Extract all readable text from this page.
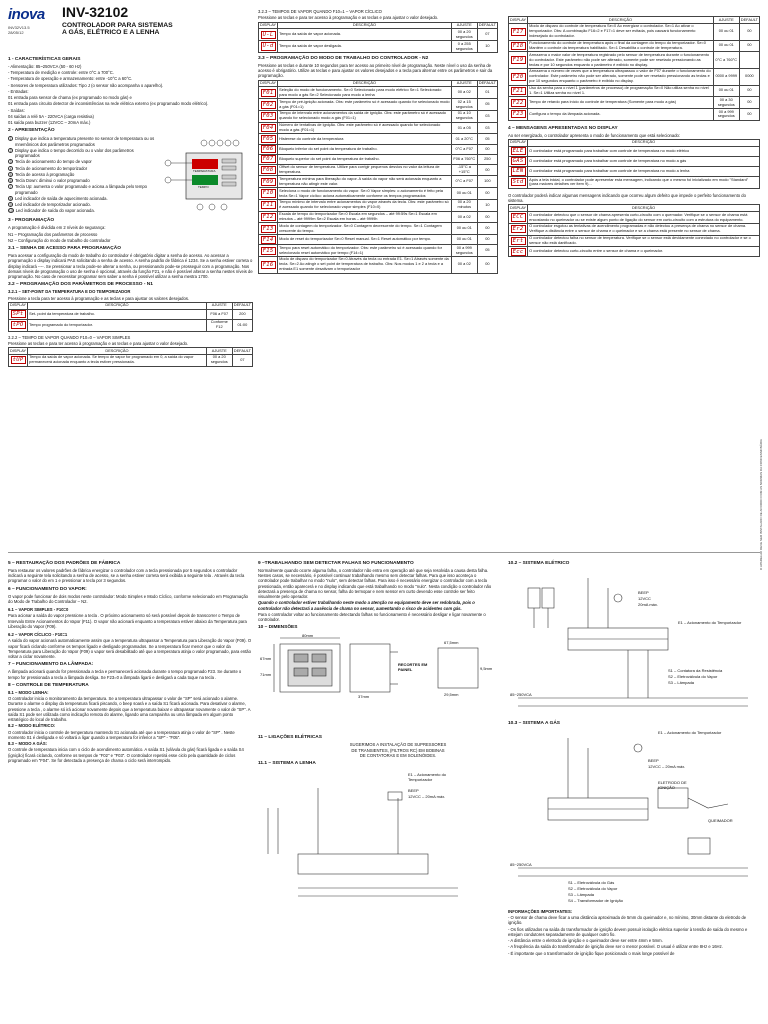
inova
INV32V13.5
28/05/12
INV-32102
CONTROLADOR PARA SISTEMAS
A GÁS, ELÉTRICO E A LENHA
1 - CARACTERÍSTICAS GERAIS
- Alimentação: 85~250VCA (50 - 60 Hz)
- Temperatura de medição e controle: entre 0°C a 700°C.
- Temperatura de operação e armazenamento: entre -10°C a 60°C.
- Sensores de temperatura utilizados: Tipo J (o sensor não acompanha o aparelho).
- Entradas:
01 entrada para sensor de chama (ex programado no modo gás) e
01 entrada para circuito detector de inconsistências na rede elétrica externo (ex programado modo elétrico).
- Saídas:
04 saídas a relé 5A - 220VCA (carga resistiva)
01 saída para buzzer (12VCC – 20mA máx.)
2 - APRESENTAÇÃO
1 Display que indica a temperatura presente no sensor de temperatura ou os mnemônicos dos parâmetros programados
2 Display que indica o tempo decorrido ou o valor dos parâmetros programados
3 Tecla de acionamento do tempo de vapor
4 Tecla de acionamento do temporizador
5 Tecla de acesso à programação
6 Tecla Down: diminui o valor programado
7 Tecla Up: aumenta o valor programado e aciona a lâmpada pelo tempo programado
8 Led indicador de saída de aquecimento acionada.
9 Led indicador de temporizador acionado.
10 Led indicador de saída do vapor acionada.
TEMPERATURA
TEMPO
3 - PROGRAMAÇÃO
A programação é dividida em 2 níveis de segurança:
N1 – Programação dos parâmetros de processo
N2 – Configuração do modo de trabalho do controlador
3.1 – SENHA DE ACESSO PARA PROGRAMAÇÃO
Para acessar a configuração do modo de trabalho do controlador é obrigatório digitar a senha de acesso. Ao acessar a programação o display indicará PAS solicitando a senha de acesso. A senha padrão de fábrica é 1234. Se a senha estiver correta o display indicará ----. Se pressionar a tecla pode-se alterar a senha, ou pressionando pode-se prosseguir com a programação. Nos demais níveis de programação o uso de senha é opcional, através da função F21, e não é possível alterar a senha nestes níveis de programação. No caso de necessitar programar sem saber a senha é possível utilizar a senha mestra 1700.
3.2 – PROGRAMAÇÃO DOS PARÂMETROS DE PROCESSO - N1
3.2.1 – SET-POINT DA TEMPERATURA E DO TEMPORIZADOR
Pressione a tecla para ter acesso à programação e as teclas e para ajustar os valores desejados.
DISPLAY	DESCRIÇÃO	AJUSTE	DEFAULT
SPt	Set- point da temperatura de trabalho.	F06 a F07	200
tPO	Tempo programado do temporizador.	Conforme F12	01:00
3.2.2 – TEMPO DE VAPOR QUANDO F10=0 – VAPOR SIMPLES
Pressione as teclas e para ter acesso à programação e as teclas e para ajustar o valor desejado.
DISPLAY	DESCRIÇÃO	AJUSTE	DEFAULT
tUP	Tempo da saída de vapor acionada. Se tempo de vapor for programado em 0, a saída do vapor permanecerá acionada enquanto a tecla estiver pressionada.	00 a 20 segundos	07
3.2.3 – TEMPOS DE VAPOR QUANDO F10=1 – VAPOR CÍCLICO
Pressione as teclas e para ter acesso à programação e as teclas e para ajustar o valor desejado.
DISPLAY	DESCRIÇÃO	AJUSTE	DEFAULT
U-L	Tempo da saída de vapor acionada.	00 a 20 segundos	07
U-d	Tempo da saída de vapor desligada.	0 a 255 segundos	10
3.3 – PROGRAMAÇÃO DO MODO DE TRABALHO DO CONTROLADOR - N2
Pressione as teclas e durante 10 segundos para ter acesso ao primeiro nível de programação. Neste nível o uso da senha de acesso é obrigatório. Utilize as teclas e para ajustar os valores desejados e a tecla para alternar entre os parâmetros e sair da programação.
DISPLAY	DESCRIÇÃO	AJUSTE	DEFAULT
F01	Seleção do modo de funcionamento. Se=0 Selecionado para modo elétrico Se=1 Selecionado para modo a gás Se=2 Selecionado para modo a lenha	00 a 02	01
F02	Tempo de pré-ignição acionada. Obs: este parâmetro só é acessado quando for selecionado modo a gás (F01=1)	02 a 15 segundos	05
F03	Tempo de intervalo entre acionamentos da saída de ignição. Obs: este parâmetro só é acessado quando for selecionado modo a gás (F01=1)	01 a 10 segundos	03
F04	Número de tentativas de ignição. Obs: este parâmetro só é acessado quando for selecionado modo a gás (F01=1)	01 a 05	03
F05	Histerese do controle da temperatura	01 a 20°C	05
F06	Bloqueio inferior do set point da temperatura de trabalho.	0°C a F07	00
F07	Bloqueio superior do set point da temperatura de trabalho.	F06 a 760°C	250
F08	Offset do sensor de temperatura. Utilize para corrigir pequenos desvios no valor da leitura de temperatura.	-15°C a +15°C	00
F09	Temperatura mínima para liberação do vapor. A saída do vapor não será acionada enquanto a temperatura não atingir este valor.	0°C a F07	100
F10	Seleciona o modo de funcionamento do vapor. Se=0 Vapor simples: o acionamento é feito pela tecla Se=1 Vapor cíclico: aciona automaticamente conforme os tempos programados	00 ou 01	00
F11	Tempo mínimo de intervalo entre acionamentos do vapor através da tecla. Obs: este parâmetro só é acessado quando for selecionado vapor simples (F10=0)	00 a 20 minutos	10
F12	Escala de tempo do temporizador Se=0 Escala em segundos – até 99:59s Se=1 Escala em minutos – até 9999m Se=2 Escala em horas – até 9999h	00 a 02	00
F13	Modo de contagem do temporizador. Se=0 Contagem decrescente do tempo. Se=1 Contagem crescente do tempo.	00 ou 01	00
F14	Modo de reset do temporizador Se=0 Reset manual. Se=1 Reset automático por tempo.	00 ou 01	00
F15	Tempo para reset automático do temporizador. Obs: este parâmetro só é acessado quando for selecionado reset automático por tempo (F14=1)	00 a 999 segundos	05
F16	Modo de disparo do temporizador Se=0 Através da tecla ou entrada E1. Se=1 Através somente da tecla. Se=2 Ao atingir o set point de temperatura de trabalho. Obs: Nos modos 1 e 2 a tecla e a entrada E1 somente desativam o temporizador	00 a 02	00
DISPLAY	DESCRIÇÃO	AJUSTE	DEFAULT
F17	Modo de disparo do controle de temperatura Se=0 Ao energizar o controlador. Se=1 Ao ativar o temporizador. Obs: A combinação F16=2 e F17=1 deve ser evitada, pois causará funcionamento indesejado do controlador.	00 ou 01	00
F18	Funcionamento do controle de temperatura após o final da contagem do tempo do temporizador. Se=0 Mantém o controle da temperatura habilitado. Se=1 Desabilita o controle de temperatura.	00 ou 01	00
F19	Armazena o maior valor de temperatura registrado pelo sensor de temperatura durante o funcionamento do controlador. Este parâmetro não pode ser alterado, somente pode ser resetado pressionando as teclas e por 10 segundos enquanto o parâmetro é exibido no display.	0°C a 760°C	
F20	Armazena o número de vezes que a temperatura ultrapassou o valor de F07 durante o funcionamento do controlador. Este parâmetro não pode ser alterado, somente pode ser resetado pressionando as teclas e por 10 segundos enquanto o parâmetro é exibido no display.	0000 a 9999	0000
F21	Uso da senha para o nível 1 (parâmetros de processo) de programação Se=0 Não utiliza senha no nível 1. Se=1 Utiliza senha no nível 1.	00 ou 01	00
F22	Tempo de retardo para início do controle de temperatura (Somente para modo a gás)	00 a 30 segundos	00
F23	Configura o tempo da lâmpada acionada.	00 a 999 segundos	00
4 – MENSAGENS APRESENTADAS NO DISPLAY
Ao ser energizado, o controlador apresenta o modo de funcionamento que está selecionado:
DISPLAY	DESCRIÇÃO
ELE	O controlador está programado para trabalhar com controle de temperatura no modo elétrico
GAS	O controlador está programado para trabalhar com controle de temperatura no modo a gás
LEN	O controlador está programado para trabalhar com controle de temperatura no modo a lenha
Std	Após a tela inicial, o controlador pode apresentar esta mensagem, indicando que o mesmo foi inicializado em modo "Standard" (para maiores detalhes ver item 9)...
O controlador poderá indicar algumas mensagens indicando que ocorreu algum defeito que impede o perfeito funcionamento do sistema.
DISPLAY	DESCRIÇÃO
ECC	O controlador detectou que o sensor de chama apresenta curto-circuito com o quemador. Verifique se o sensor de chama está encostando no queimador ou se existe algum ponto de ligação do sensor em curto-circuito com a estrutura do equipamento.
Er2	O controlador esgotou as tentativas de acendimento programadas e não detectou a presença de chama no sensor de chama. Verifique a distância entre o sensor de chama e o queimador e se a chama está presente no sensor de chama.
Ert	O controlador detectou falha no sensor de temperatura. Verifique se o sensor está devidamente conectado no controlador e se o sensor não está danificado.
Ecc	O controlador detectou curto-circuito entre o sensor de chama e o queimador.
5 – RESTAURAÇÃO DOS PADRÕES DE FÁBRICA
Para restaurar os valores padrões de fábrica energizar o controlador com a tecla pressionada por 5 segundos o controlador indicará a seguinte tela solicitando a senha de acesso, se a senha estiver correta será exibida a seguinte tela . Através da tecla programar o valor do em 1 e pressionar a tecla por 3 segundos.
6 – FUNCIONAMENTO DO VAPOR:
O vapor pode funcionar de dois modos neste controlador: Modo Simples e Modo Cíclico, conforme selecionado em Programação do Modo de Trabalho do Controlador – N2.
6.1 – VAPOR SIMPLES - F10=0
Para acionar a saída do vapor pressione a tecla . O próximo acionamento só será possível depois de transcorrer o Tempo de Intervalo Entre Acionamentos do Vapor (F11). O vapor não acionará enquanto a temperatura estiver abaixo da Temperatura para Liberação do Vapor (F09).
6.2 – VAPOR CÍCLICO - F10=1
A saída do vapor acionará automaticamente assim que a temperatura ultrapassar a Temperatura para Liberação do Vapor (F09). O vapor ficará ciclando conforme os tempos ligado e desligado programados. Se a temperatura ficar menor que o valor da Temperatura para Liberação do Vapor (F09) o vapor será desabilitado até que a temperatura atinja o valor programado, para então voltar a ciclar novamente.
7 – FUNCIONAMENTO DA LÂMPADA:
A lâmpada acionará quando for pressionada a tecla e permanecerá acionada durante o tempo programado F23. Se durante o tempo for pressionada a tecla a lâmpada desliga. Se F23=0 a lâmpada ligará e desligará a cada toque na tecla .
8 – CONTROLE DE TEMPERATURA
8.1 – MODO LENHA:
O controlador inicia o monitoramento da temperatura. Se a temperatura ultrapassar o valor de "SP" será acionado o alarme. Durante o alarme o display da temperatura ficará piscando, o beep soará e a saída S1 ficará acionada. Para desativar o alarme, pressione a tecla , o alarme só irá acionar novamente depois que a temperatura baixar e ultrapassar novamente o valor de "SP". A saída S1 pode ser utilizada como indicação remota do alarme, ligando uma campainha ou uma lâmpada em algum ponto estratégico do local de trabalho.
8.2 – MODO ELÉTRICO:
O controlador inicia o controle de temperatura mantendo S1 acionada até que a temperatura atinja o valor de "SP" . Neste momento S1 é desligada e só voltará a ligar quando a temperatura for inferior a "SP" - "F05".
8.3 – MODO A GÁS:
O controle de temperatura inicia com o ciclo de acendimento automático. A saída S1 (válvula do gás) ficará ligada e a saída S4 (ignição) ficará ciclando, conforme os tempos de "F02" e "F03". O controlador repetirá esse ciclo pela quantidade de ciclos programado em "F04". Se for detectada a presença de chama o ciclo será interrompido.
9 –TRABALHANDO SEM DETECTAR FALHAS NO FUNCIONAMENTO
Normalmente quando ocorre alguma falha, o controlador não entra em operação até que seja resolvida a causa desta falha. Nestes casos, se necessário, é possível continuar trabalhando mesmo sem detectar falhas. Para que isso aconteça o controlador pode trabalhar no modo "nulo", sem detectar falhas. Para isso é necessário energizar o controlador com a tecla pressionada, então aparecerá e no display indicando que está trabalhando no modo "nulo". Nesta condição o controlador não detectará a presença de chama no sensor, falha do termopar e nem sensor em curto devendo esse controle ser feito visualmente pelo operador.
Quando o controlador estiver trabalhando neste modo a atenção no equipamento deve ser redobrada, pois o controlador não detectará a ausência de chama no sensor, aumentando o risco de acidentes com gás.
Para o controlador voltar ao funcionamento detectando falhas no funcionamento é necessário desligar e ligar novamente o controlador.
10 – DIMENSÕES
80mm
67mm
71mm
37mm
RECORTES EM PAINEL
67,5mm
9,5mm
29,5mm
11 – LIGAÇÕES ELÉTRICAS
SUGERIMOS A INSTALAÇÃO DE SUPRESSORES DE TRANSIENTES, (FILTROS RC) EM BOBINAS DE CONTATORAS E EM SOLENÓIDES.
11.1 – SISTEMA A LENHA
E1 – Acionamento do Temporizador
BEEP
12VCC – 20mA máx.
10.2 – SISTEMA ELÉTRICO
BEEP
12VCC
20mA máx.
E1 – Acionamento do Temporizador
S1 – Contatora da Resistência
S2 – Eletroválvula do Vapor
S3 – Lâmpada
85~250VCA
10.3 – SISTEMA A GÁS
E1 – Acionamento do Temporizador
BEEP
12VCC – 20mA máx.
ELETRODO DE IGNIÇÃO
QUEIMADOR
85~250VCA
S1 – Eletroválvula do Gás
S2 – Eletroválvula do Vapor
S3 – Lâmpada
S4 – Transformador de Ignição
INFORMAÇÕES IMPORTANTES:
- O sensor de chama deve ficar a uma distância aproximada de 5mm do queimador e, no mínimo, 30mm distante do eletrodo de ignição.
- Os fios utilizados na saída do transformador de ignição devem possuir isolação elétrica superior à tensão de saída do mesmo e estejam condutores separadamente de qualquer outro fio.
- A distância entre o eletrodo de ignição e o queimador deve ser entre 4mm e 5mm.
- A freqüência da saída do transformador de ignição deve ser o menor possível. O usual é utilizar entre 8Hz e 16Hz.
- É importante que o transformador de ignição fique posicionado o mais longe possível de
O APARELHO DEVE SER INSTALADO DE ACORDO COM AS NORMAS DA CONCESSIONÁRIA
